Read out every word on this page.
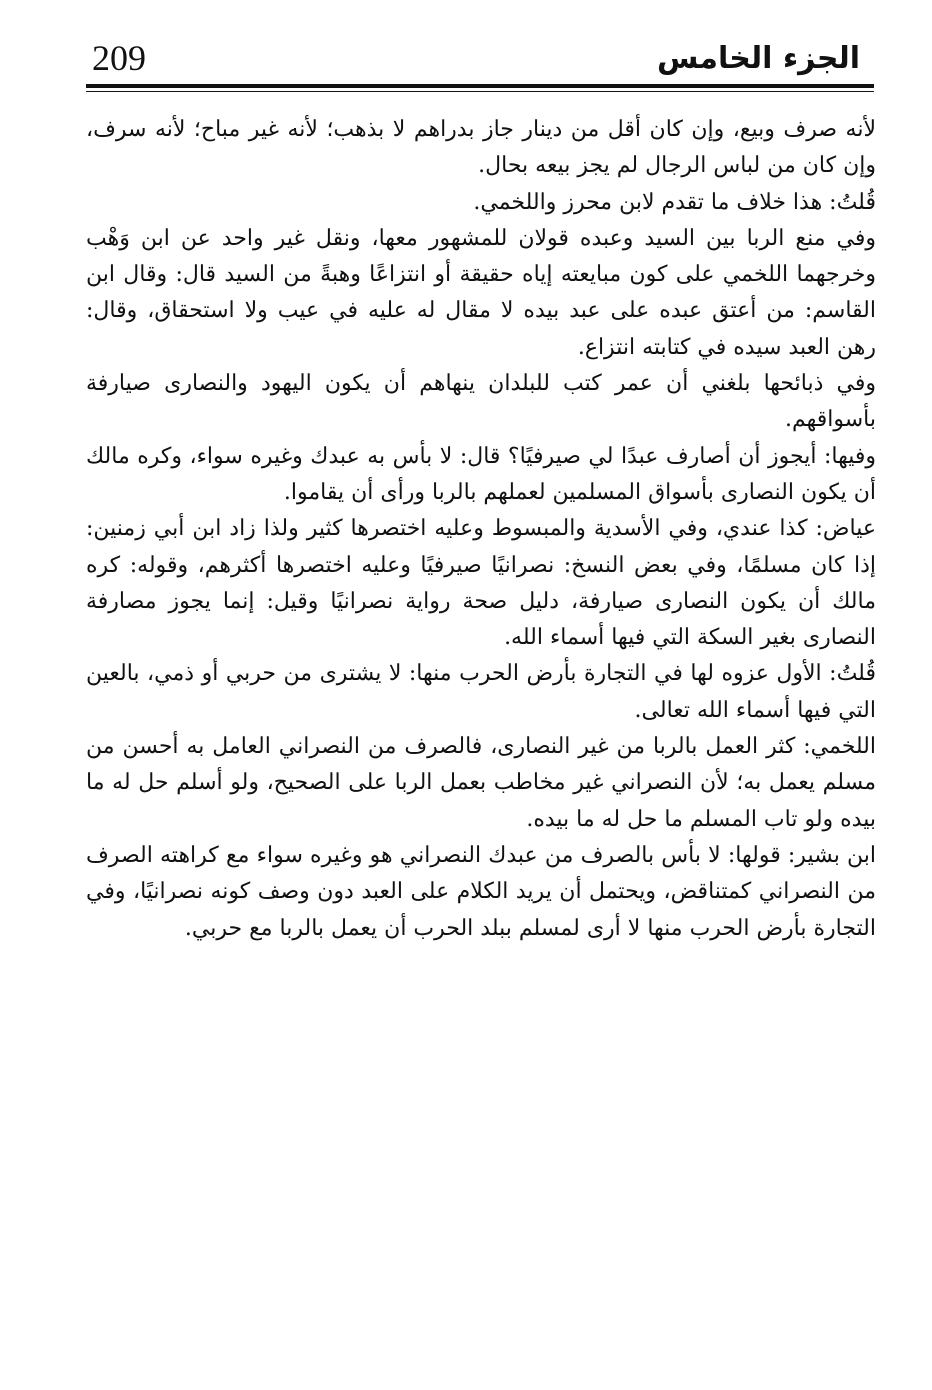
209	الجزء الخامس

لأنه صرف وبيع، وإن كان أقل من دينار جاز بدراهم لا بذهب؛ لأنه غير مباح؛ لأنه سرف، وإن كان من لباس الرجال لم يجز بيعه بحال.

قُلتُ: هذا خلاف ما تقدم لابن محرز واللخمي.

وفي منع الربا بين السيد وعبده قولان للمشهور معها، ونقل غير واحد عن ابن وَهْب وخرجهما اللخمي على كون مبايعته إياه حقيقة أو انتزاعًا وهبةً من السيد قال: وقال ابن القاسم: من أعتق عبده على عبد بيده لا مقال له عليه في عيب ولا استحقاق، وقال: رهن العبد سيده في كتابته انتزاع.

وفي ذبائحها بلغني أن عمر كتب للبلدان ينهاهم أن يكون اليهود والنصارى صيارفة بأسواقهم.

وفيها: أيجوز أن أصارف عبدًا لي صيرفيًا؟ قال: لا بأس به عبدك وغيره سواء، وكره مالك أن يكون النصارى بأسواق المسلمين لعملهم بالربا ورأى أن يقاموا.

عياض: كذا عندي، وفي الأسدية والمبسوط وعليه اختصرها كثير ولذا زاد ابن أبي زمنين: إذا كان مسلمًا، وفي بعض النسخ: نصرانيًا صيرفيًا وعليه اختصرها أكثرهم، وقوله: كره مالك أن يكون النصارى صيارفة، دليل صحة رواية نصرانيًا وقيل: إنما يجوز مصارفة النصارى بغير السكة التي فيها أسماء الله.

قُلتُ: الأول عزوه لها في التجارة بأرض الحرب منها: لا يشترى من حربي أو ذمي، بالعين التي فيها أسماء الله تعالى.

اللخمي: كثر العمل بالربا من غير النصارى، فالصرف من النصراني العامل به أحسن من مسلم يعمل به؛ لأن النصراني غير مخاطب بعمل الربا على الصحيح، ولو أسلم حل له ما بيده ولو تاب المسلم ما حل له ما بيده.

ابن بشير: قولها: لا بأس بالصرف من عبدك النصراني هو وغيره سواء مع كراهته الصرف من النصراني كمتناقض، ويحتمل أن يريد الكلام على العبد دون وصف كونه نصرانيًا، وفي التجارة بأرض الحرب منها لا أرى لمسلم ببلد الحرب أن يعمل بالربا مع حربي.
